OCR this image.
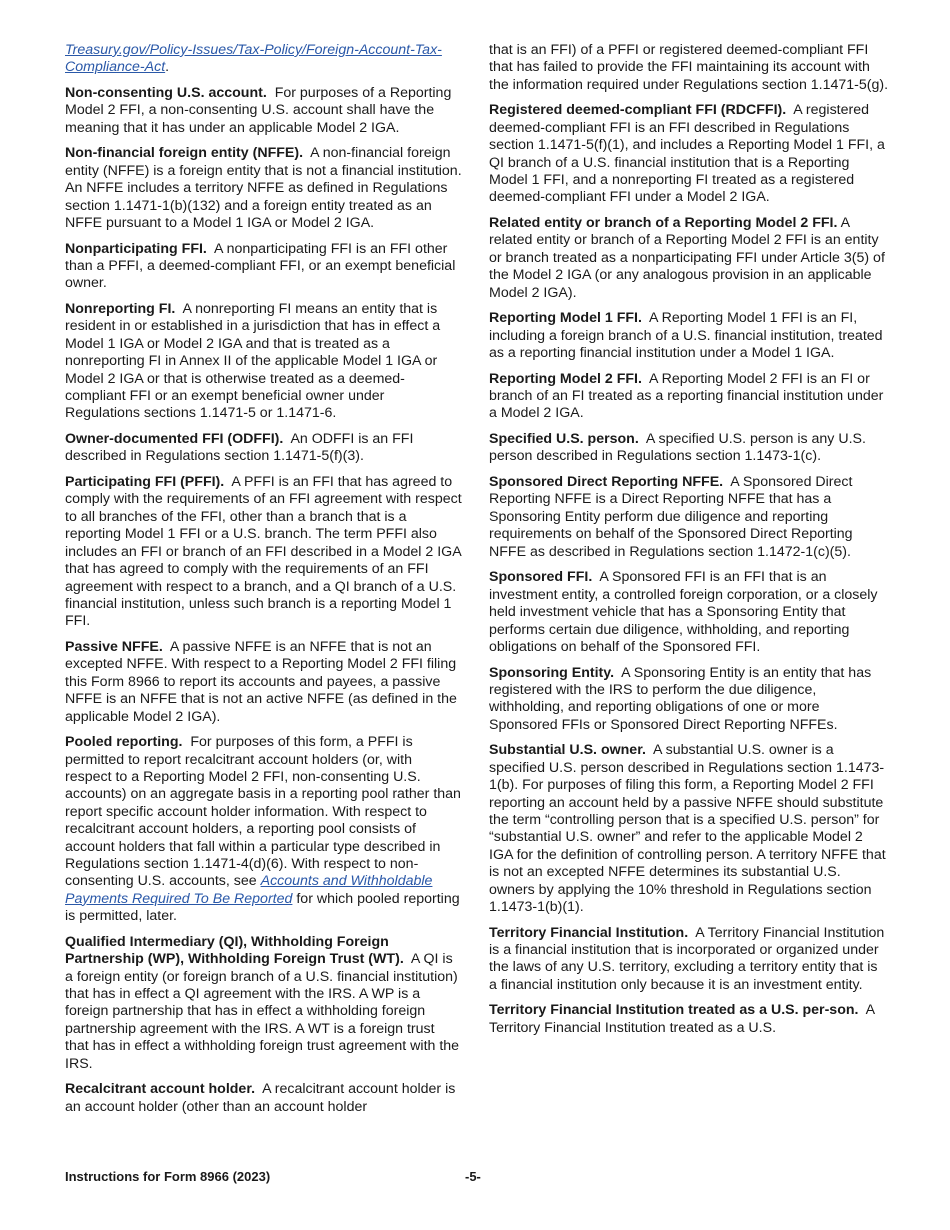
Treasury.gov/Policy-Issues/Tax-Policy/Foreign-Account-Tax-Compliance-Act.

Non-consenting U.S. account. For purposes of a Reporting Model 2 FFI, a non-consenting U.S. account shall have the meaning that it has under an applicable Model 2 IGA.

Non-financial foreign entity (NFFE). A non-financial foreign entity (NFFE) is a foreign entity that is not a financial institution. An NFFE includes a territory NFFE as defined in Regulations section 1.1471-1(b)(132) and a foreign entity treated as an NFFE pursuant to a Model 1 IGA or Model 2 IGA.

Nonparticipating FFI. A nonparticipating FFI is an FFI other than a PFFI, a deemed-compliant FFI, or an exempt beneficial owner.

Nonreporting FI. A nonreporting FI means an entity that is resident in or established in a jurisdiction that has in effect a Model 1 IGA or Model 2 IGA and that is treated as a nonreporting FI in Annex II of the applicable Model 1 IGA or Model 2 IGA or that is otherwise treated as a deemed-compliant FFI or an exempt beneficial owner under Regulations sections 1.1471-5 or 1.1471-6.

Owner-documented FFI (ODFFI). An ODFFI is an FFI described in Regulations section 1.1471-5(f)(3).

Participating FFI (PFFI). A PFFI is an FFI that has agreed to comply with the requirements of an FFI agreement with respect to all branches of the FFI, other than a branch that is a reporting Model 1 FFI or a U.S. branch. The term PFFI also includes an FFI or branch of an FFI described in a Model 2 IGA that has agreed to comply with the requirements of an FFI agreement with respect to a branch, and a QI branch of a U.S. financial institution, unless such branch is a reporting Model 1 FFI.

Passive NFFE. A passive NFFE is an NFFE that is not an excepted NFFE. With respect to a Reporting Model 2 FFI filing this Form 8966 to report its accounts and payees, a passive NFFE is an NFFE that is not an active NFFE (as defined in the applicable Model 2 IGA).

Pooled reporting. For purposes of this form, a PFFI is permitted to report recalcitrant account holders (or, with respect to a Reporting Model 2 FFI, non-consenting U.S. accounts) on an aggregate basis in a reporting pool rather than report specific account holder information. With respect to recalcitrant account holders, a reporting pool consists of account holders that fall within a particular type described in Regulations section 1.1471-4(d)(6). With respect to non-consenting U.S. accounts, see Accounts and Withholdable Payments Required To Be Reported for which pooled reporting is permitted, later.

Qualified Intermediary (QI), Withholding Foreign Partnership (WP), Withholding Foreign Trust (WT). A QI is a foreign entity (or foreign branch of a U.S. financial institution) that has in effect a QI agreement with the IRS. A WP is a foreign partnership that has in effect a withholding foreign partnership agreement with the IRS. A WT is a foreign trust that has in effect a withholding foreign trust agreement with the IRS.

Recalcitrant account holder. A recalcitrant account holder is an account holder (other than an account holder

that is an FFI) of a PFFI or registered deemed-compliant FFI that has failed to provide the FFI maintaining its account with the information required under Regulations section 1.1471-5(g).

Registered deemed-compliant FFI (RDCFFI). A registered deemed-compliant FFI is an FFI described in Regulations section 1.1471-5(f)(1), and includes a Reporting Model 1 FFI, a QI branch of a U.S. financial institution that is a Reporting Model 1 FFI, and a nonreporting FI treated as a registered deemed-compliant FFI under a Model 2 IGA.

Related entity or branch of a Reporting Model 2 FFI. A related entity or branch of a Reporting Model 2 FFI is an entity or branch treated as a nonparticipating FFI under Article 3(5) of the Model 2 IGA (or any analogous provision in an applicable Model 2 IGA).

Reporting Model 1 FFI. A Reporting Model 1 FFI is an FI, including a foreign branch of a U.S. financial institution, treated as a reporting financial institution under a Model 1 IGA.

Reporting Model 2 FFI. A Reporting Model 2 FFI is an FI or branch of an FI treated as a reporting financial institution under a Model 2 IGA.

Specified U.S. person. A specified U.S. person is any U.S. person described in Regulations section 1.1473-1(c).

Sponsored Direct Reporting NFFE. A Sponsored Direct Reporting NFFE is a Direct Reporting NFFE that has a Sponsoring Entity perform due diligence and reporting requirements on behalf of the Sponsored Direct Reporting NFFE as described in Regulations section 1.1472-1(c)(5).

Sponsored FFI. A Sponsored FFI is an FFI that is an investment entity, a controlled foreign corporation, or a closely held investment vehicle that has a Sponsoring Entity that performs certain due diligence, withholding, and reporting obligations on behalf of the Sponsored FFI.

Sponsoring Entity. A Sponsoring Entity is an entity that has registered with the IRS to perform the due diligence, withholding, and reporting obligations of one or more Sponsored FFIs or Sponsored Direct Reporting NFFEs.

Substantial U.S. owner. A substantial U.S. owner is a specified U.S. person described in Regulations section 1.1473-1(b). For purposes of filing this form, a Reporting Model 2 FFI reporting an account held by a passive NFFE should substitute the term “controlling person that is a specified U.S. person” for “substantial U.S. owner” and refer to the applicable Model 2 IGA for the definition of controlling person. A territory NFFE that is not an excepted NFFE determines its substantial U.S. owners by applying the 10% threshold in Regulations section 1.1473-1(b)(1).

Territory Financial Institution. A Territory Financial Institution is a financial institution that is incorporated or organized under the laws of any U.S. territory, excluding a territory entity that is a financial institution only because it is an investment entity.

Territory Financial Institution treated as a U.S. per-son. A Territory Financial Institution treated as a U.S.

Instructions for Form 8966 (2023)	-5-
